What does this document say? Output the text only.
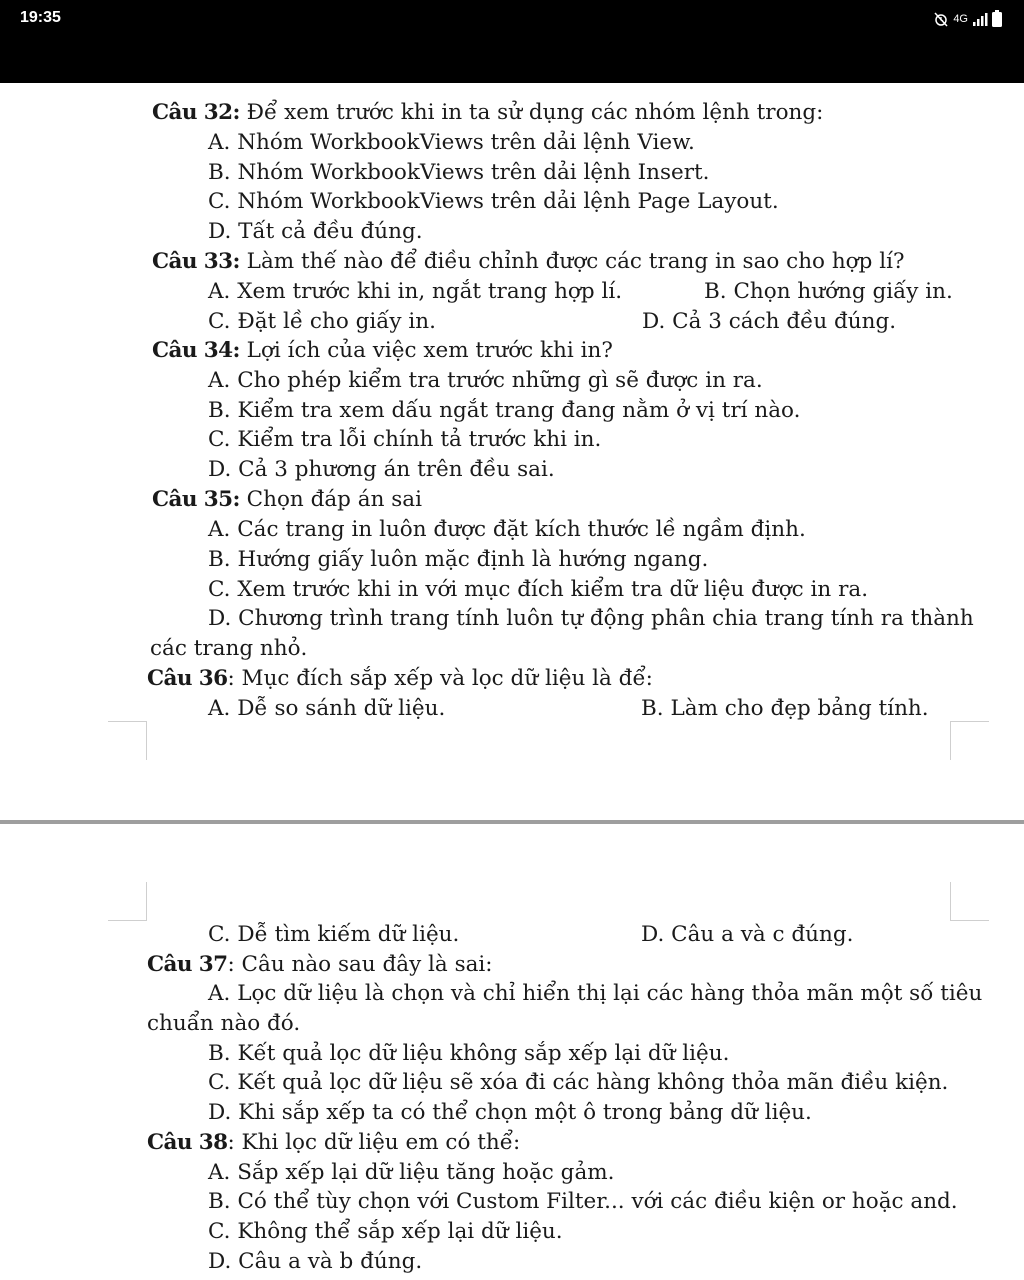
Câu 32: Để xem trước khi in ta sử dụng các nhóm lệnh trong:
A. Nhóm WorkbookViews trên dải lệnh View.
B. Nhóm WorkbookViews trên dải lệnh Insert.
C. Nhóm WorkbookViews trên dải lệnh Page Layout.
D. Tất cả đều đúng.
Câu 33: Làm thế nào để điều chỉnh được các trang in sao cho hợp lí?
A. Xem trước khi in, ngắt trang hợp lí.	B. Chọn hướng giấy in.
C. Đặt lề cho giấy in.	D. Cả 3 cách đều đúng.
Câu 34: Lợi ích của việc xem trước khi in?
A. Cho phép kiểm tra trước những gì sẽ được in ra.
B. Kiểm tra xem dấu ngắt trang đang nằm ở vị trí nào.
C. Kiểm tra lỗi chính tả trước khi in.
D. Cả 3 phương án trên đều sai.
Câu 35: Chọn đáp án sai
A. Các trang in luôn được đặt kích thước lề ngầm định.
B. Hướng giấy luôn mặc định là hướng ngang.
C. Xem trước khi in với mục đích kiểm tra dữ liệu được in ra.
D. Chương trình trang tính luôn tự động phân chia trang tính ra thành
các trang nhỏ.
Câu 36: Mục đích sắp xếp và lọc dữ liệu là để:
A. Dễ so sánh dữ liệu.	B. Làm cho đẹp bảng tính.
C. Dễ tìm kiếm dữ liệu.	D. Câu a và c đúng.
Câu 37: Câu nào sau đây là sai:
A. Lọc dữ liệu là chọn và chỉ hiển thị lại các hàng thỏa mãn một số tiêu
chuẩn nào đó.
B. Kết quả lọc dữ liệu không sắp xếp lại dữ liệu.
C. Kết quả lọc dữ liệu sẽ xóa đi các hàng không thỏa mãn điều kiện.
D. Khi sắp xếp ta có thể chọn một ô trong bảng dữ liệu.
Câu 38: Khi lọc dữ liệu em có thể:
A. Sắp xếp lại dữ liệu tăng hoặc gảm.
B. Có thể tùy chọn với Custom Filter... với các điều kiện or hoặc and.
C. Không thể sắp xếp lại dữ liệu.
D. Câu a và b đúng.
19:35	4G
